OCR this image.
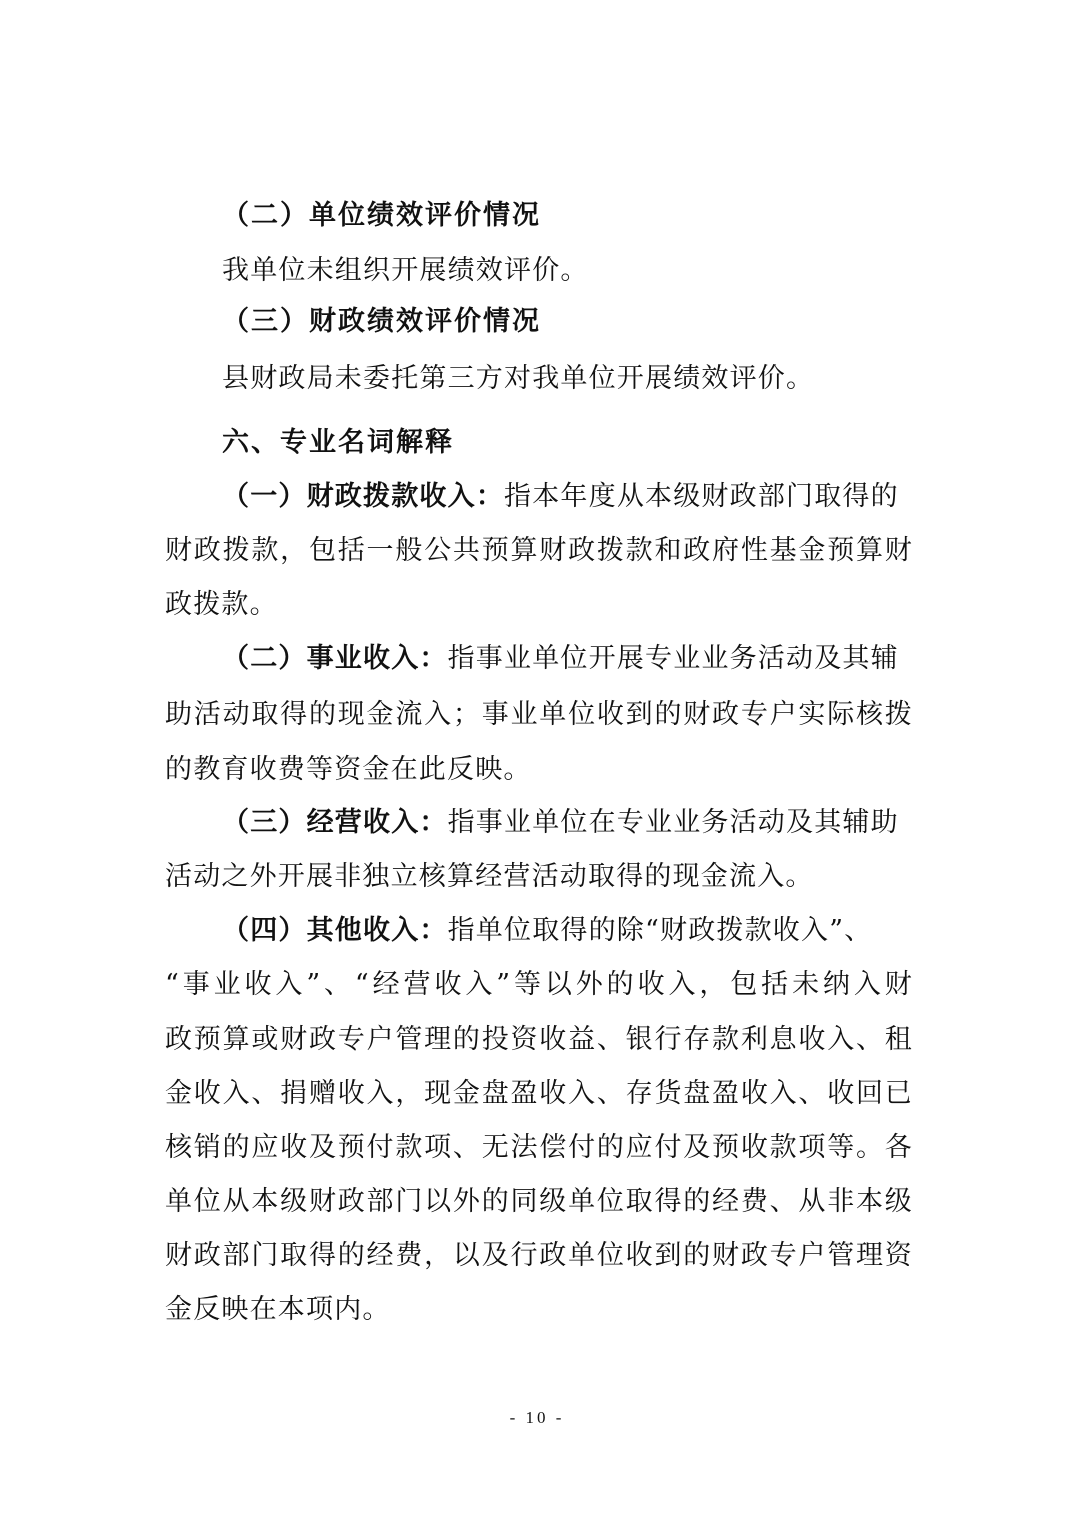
（二）单位绩效评价情况
我单位未组织开展绩效评价。
（三）财政绩效评价情况
县财政局未委托第三方对我单位开展绩效评价。
六、专业名词解释
（一）财政拨款收入：指本年度从本级财政部门取得的
财政拨款，包括一般公共预算财政拨款和政府性基金预算财
政拨款。
（二）事业收入：指事业单位开展专业业务活动及其辅
助活动取得的现金流入；事业单位收到的财政专户实际核拨
的教育收费等资金在此反映。
（三）经营收入：指事业单位在专业业务活动及其辅助
活动之外开展非独立核算经营活动取得的现金流入。
（四）其他收入：指单位取得的除“财政拨款收入”、
“事业收入”、“经营收入”等以外的收入，包括未纳入财
政预算或财政专户管理的投资收益、银行存款利息收入、租
金收入、捐赠收入，现金盘盈收入、存货盘盈收入、收回已
核销的应收及预付款项、无法偿付的应付及预收款项等。各
单位从本级财政部门以外的同级单位取得的经费、从非本级
财政部门取得的经费，以及行政单位收到的财政专户管理资
金反映在本项内。
- 10 -
